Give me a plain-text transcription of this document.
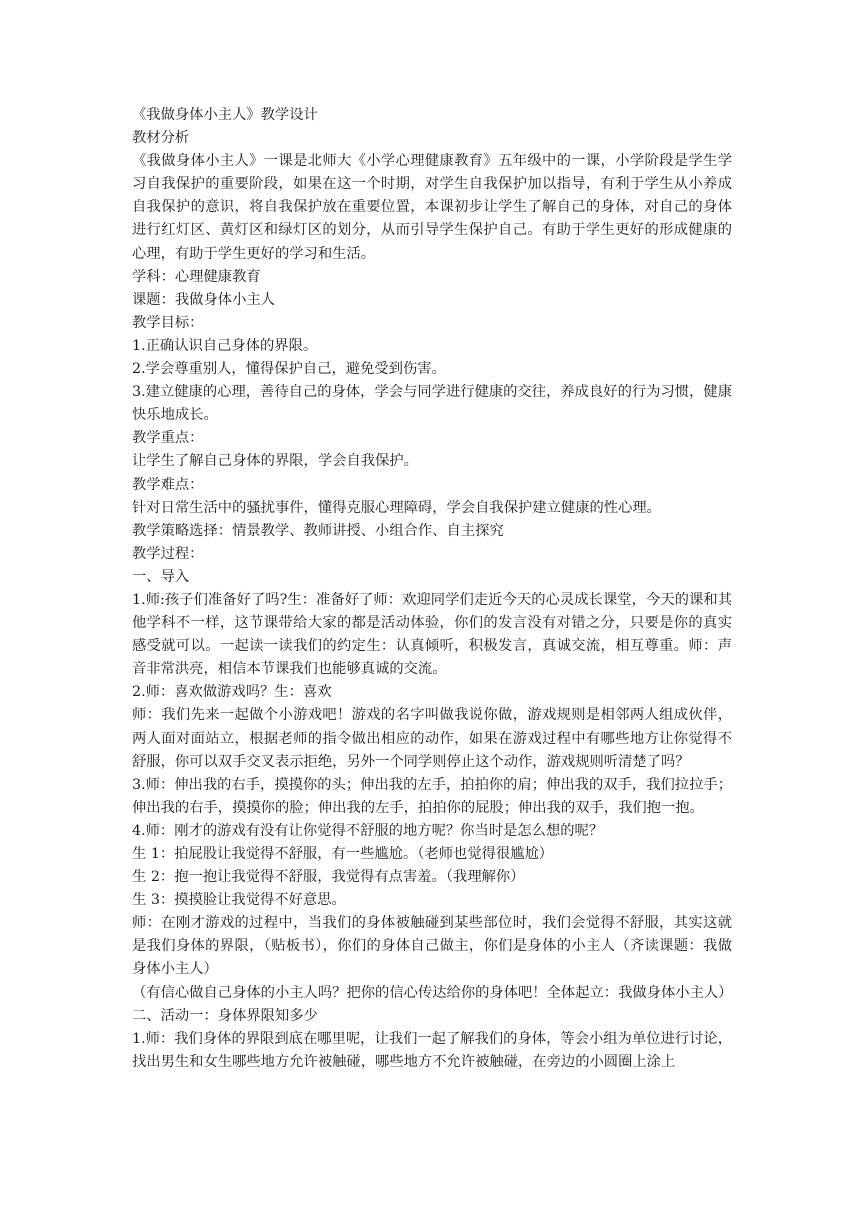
《我做身体小主人》教学设计

教材分析

《我做身体小主人》一课是北师大《小学心理健康教育》五年级中的一课，小学阶段是学生学习自我保护的重要阶段，如果在这一个时期，对学生自我保护加以指导，有利于学生从小养成自我保护的意识，将自我保护放在重要位置，本课初步让学生了解自己的身体，对自己的身体进行红灯区、黄灯区和绿灯区的划分，从而引导学生保护自己。有助于学生更好的形成健康的心理，有助于学生更好的学习和生活。

学科：心理健康教育

课题：我做身体小主人

教学目标：

1.正确认识自己身体的界限。

2.学会尊重别人，懂得保护自己，避免受到伤害。

3.建立健康的心理，善待自己的身体，学会与同学进行健康的交往，养成良好的行为习惯，健康快乐地成长。

教学重点：

让学生了解自己身体的界限，学会自我保护。

教学难点：

针对日常生活中的骚扰事件，懂得克服心理障碍，学会自我保护建立健康的性心理。

教学策略选择：情景教学、教师讲授、小组合作、自主探究

教学过程：

一、导入

1.师:孩子们准备好了吗?生：准备好了师：欢迎同学们走近今天的心灵成长课堂，今天的课和其他学科不一样，这节课带给大家的都是活动体验，你们的发言没有对错之分，只要是你的真实感受就可以。一起读一读我们的约定生：认真倾听，积极发言，真诚交流，相互尊重。师：声音非常洪亮，相信本节课我们也能够真诚的交流。

2.师：喜欢做游戏吗？生：喜欢

师：我们先来一起做个小游戏吧！游戏的名字叫做我说你做，游戏规则是相邻两人组成伙伴，两人面对面站立，根据老师的指令做出相应的动作，如果在游戏过程中有哪些地方让你觉得不舒服，你可以双手交叉表示拒绝，另外一个同学则停止这个动作，游戏规则听清楚了吗？

3.师：伸出我的右手，摸摸你的头；伸出我的左手，拍拍你的肩；伸出我的双手，我们拉拉手；伸出我的右手，摸摸你的脸；伸出我的左手，拍拍你的屁股；伸出我的双手，我们抱一抱。

4.师：刚才的游戏有没有让你觉得不舒服的地方呢？你当时是怎么想的呢？

生 1：拍屁股让我觉得不舒服，有一些尴尬。（老师也觉得很尴尬）

生 2：抱一抱让我觉得不舒服，我觉得有点害羞。（我理解你）

生 3：摸摸脸让我觉得不好意思。

师：在刚才游戏的过程中，当我们的身体被触碰到某些部位时，我们会觉得不舒服，其实这就是我们身体的界限，（贴板书），你们的身体自己做主，你们是身体的小主人（齐读课题：我做身体小主人）

（有信心做自己身体的小主人吗？把你的信心传达给你的身体吧！全体起立：我做身体小主人）

二、活动一：身体界限知多少

1.师：我们身体的界限到底在哪里呢，让我们一起了解我们的身体，等会小组为单位进行讨论，找出男生和女生哪些地方允许被触碰，哪些地方不允许被触碰，在旁边的小圆圈上涂上
